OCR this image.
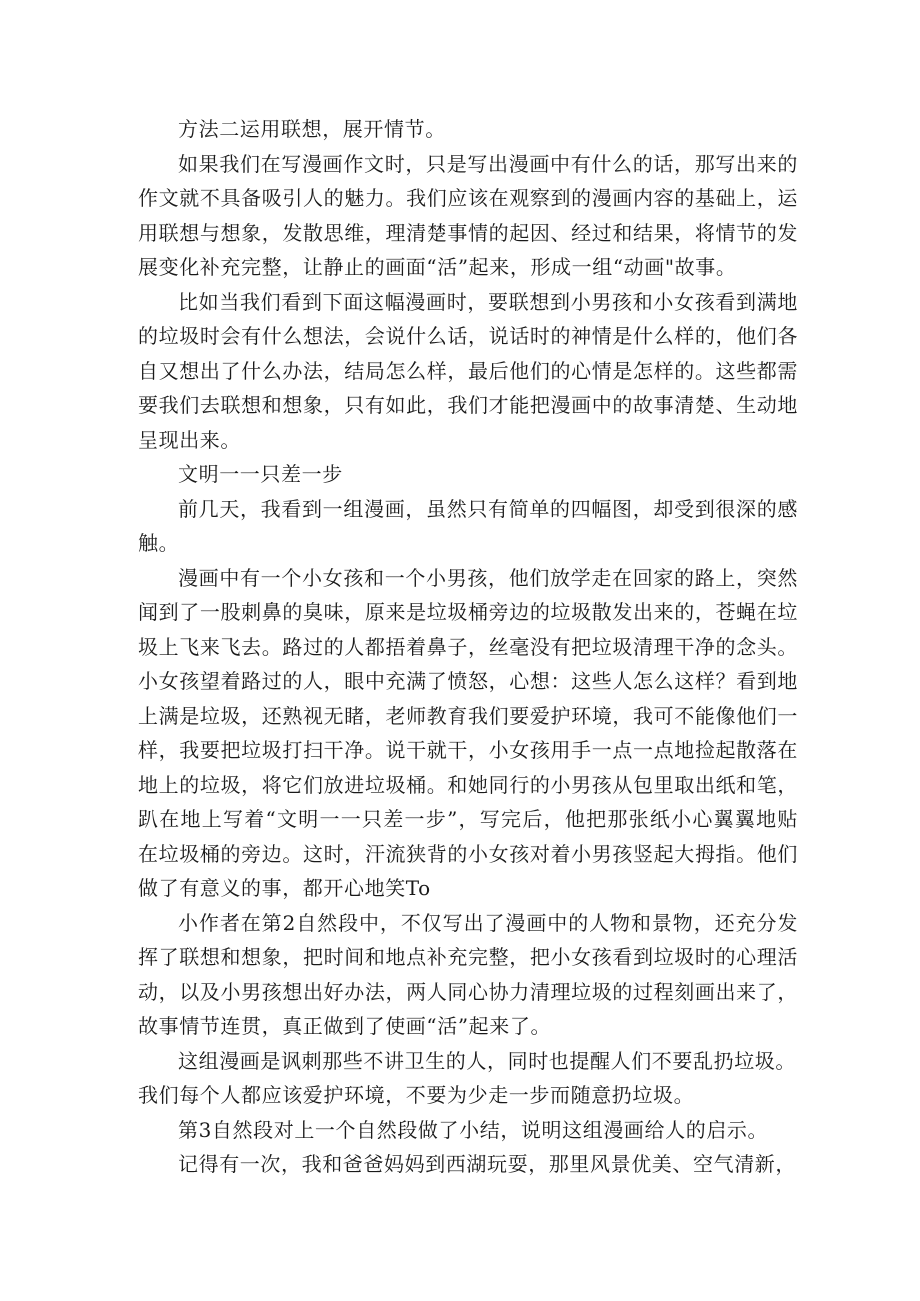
方法二运用联想，展开情节。

如果我们在写漫画作文时，只是写出漫画中有什么的话，那写出来的作文就不具备吸引人的魅力。我们应该在观察到的漫画内容的基础上，运用联想与想象，发散思维，理清楚事情的起因、经过和结果，将情节的发展变化补充完整，让静止的画面“活”起来，形成一组“动画"故事。

比如当我们看到下面这幅漫画时，要联想到小男孩和小女孩看到满地的垃圾时会有什么想法，会说什么话，说话时的神情是什么样的，他们各自又想出了什么办法，结局怎么样，最后他们的心情是怎样的。这些都需要我们去联想和想象，只有如此，我们才能把漫画中的故事清楚、生动地呈现出来。

文明一一只差一步

前几天，我看到一组漫画，虽然只有简单的四幅图，却受到很深的感触。

漫画中有一个小女孩和一个小男孩，他们放学走在回家的路上，突然闻到了一股刺鼻的臭味，原来是垃圾桶旁边的垃圾散发出来的，苍蝇在垃圾上飞来飞去。路过的人都捂着鼻子，丝毫没有把垃圾清理干净的念头。小女孩望着路过的人，眼中充满了愤怒，心想：这些人怎么这样？看到地上满是垃圾，还熟视无睹，老师教育我们要爱护环境，我可不能像他们一样，我要把垃圾打扫干净。说干就干，小女孩用手一点一点地捡起散落在地上的垃圾，将它们放进垃圾桶。和她同行的小男孩从包里取出纸和笔，趴在地上写着“文明一一只差一步”，写完后，他把那张纸小心翼翼地贴在垃圾桶的旁边。这时，汗流狭背的小女孩对着小男孩竖起大拇指。他们做了有意义的事，都开心地笑To

小作者在第2自然段中，不仅写出了漫画中的人物和景物，还充分发挥了联想和想象，把时间和地点补充完整，把小女孩看到垃圾时的心理活动，以及小男孩想出好办法，两人同心协力清理垃圾的过程刻画出来了，故事情节连贯，真正做到了使画“活”起来了。

这组漫画是讽刺那些不讲卫生的人，同时也提醒人们不要乱扔垃圾。

我们每个人都应该爱护环境，不要为少走一步而随意扔垃圾。

第3自然段对上一个自然段做了小结，说明这组漫画给人的启示。

记得有一次，我和爸爸妈妈到西湖玩耍，那里风景优美、空气清新，
